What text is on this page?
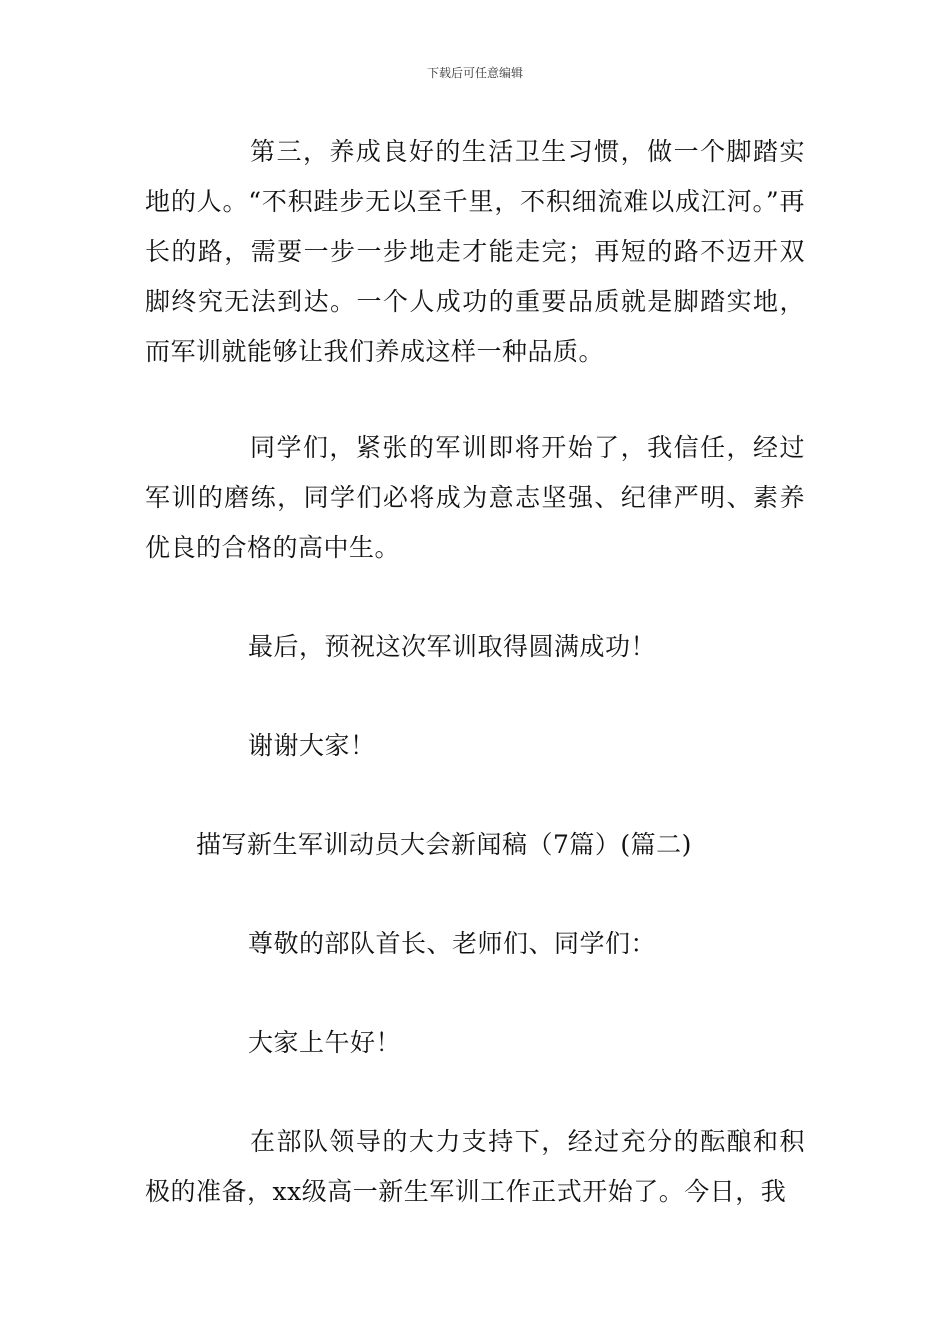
下载后可任意编辑

第三，养成良好的生活卫生习惯，做一个脚踏实地的人。“不积跬步无以至千里，不积细流难以成江河。”再长的路，需要一步一步地走才能走完；再短的路不迈开双脚终究无法到达。一个人成功的重要品质就是脚踏实地，而军训就能够让我们养成这样一种品质。

同学们，紧张的军训即将开始了，我信任，经过军训的磨练，同学们必将成为意志坚强、纪律严明、素养优良的合格的高中生。

最后，预祝这次军训取得圆满成功！

谢谢大家！

描写新生军训动员大会新闻稿（7篇）(篇二)

尊敬的部队首长、老师们、同学们：

大家上午好！

在部队领导的大力支持下，经过充分的酝酿和积极的准备，xx级高一新生军训工作正式开始了。今日，我
